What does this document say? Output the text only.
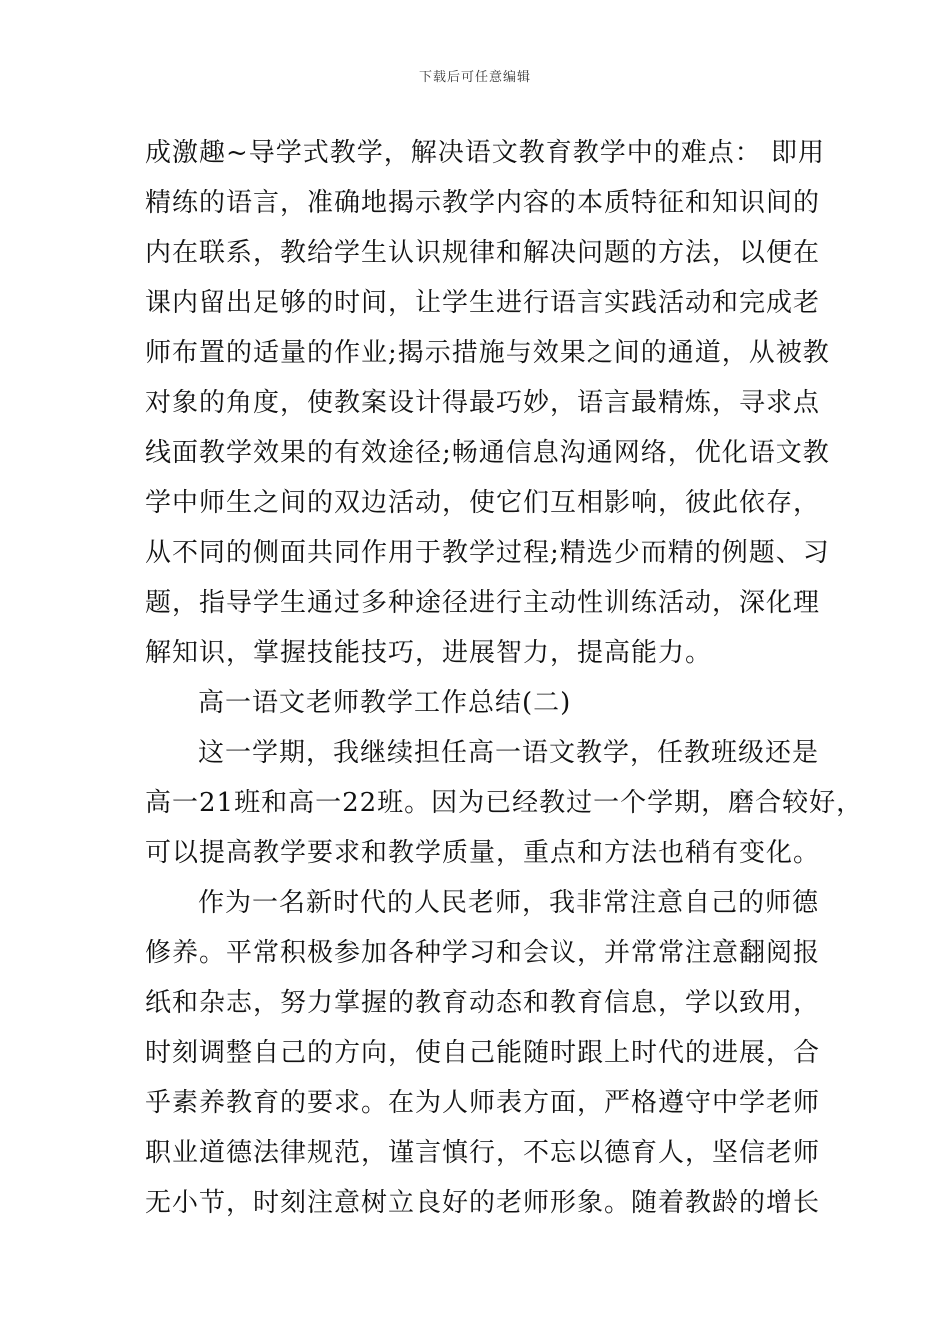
下载后可任意编辑
成激趣~导学式教学，解决语文教育教学中的难点： 即用
精练的语言，准确地揭示教学内容的本质特征和知识间的
内在联系，教给学生认识规律和解决问题的方法，以便在
课内留出足够的时间，让学生进行语言实践活动和完成老
师布置的适量的作业;揭示措施与效果之间的通道，从被教
对象的角度，使教案设计得最巧妙，语言最精炼，寻求点
线面教学效果的有效途径;畅通信息沟通网络，优化语文教
学中师生之间的双边活动，使它们互相影响，彼此依存，
从不同的侧面共同作用于教学过程;精选少而精的例题、习
题，指导学生通过多种途径进行主动性训练活动，深化理
解知识，掌握技能技巧，进展智力，提高能力。
高一语文老师教学工作总结(二)
这一学期，我继续担任高一语文教学，任教班级还是
高一21班和高一22班。因为已经教过一个学期，磨合较好，
可以提高教学要求和教学质量，重点和方法也稍有变化。
作为一名新时代的人民老师，我非常注意自己的师德
修养。平常积极参加各种学习和会议，并常常注意翻阅报
纸和杂志，努力掌握的教育动态和教育信息，学以致用，
时刻调整自己的方向，使自己能随时跟上时代的进展，合
乎素养教育的要求。在为人师表方面，严格遵守中学老师
职业道德法律规范，谨言慎行，不忘以德育人，坚信老师
无小节，时刻注意树立良好的老师形象。随着教龄的增长
